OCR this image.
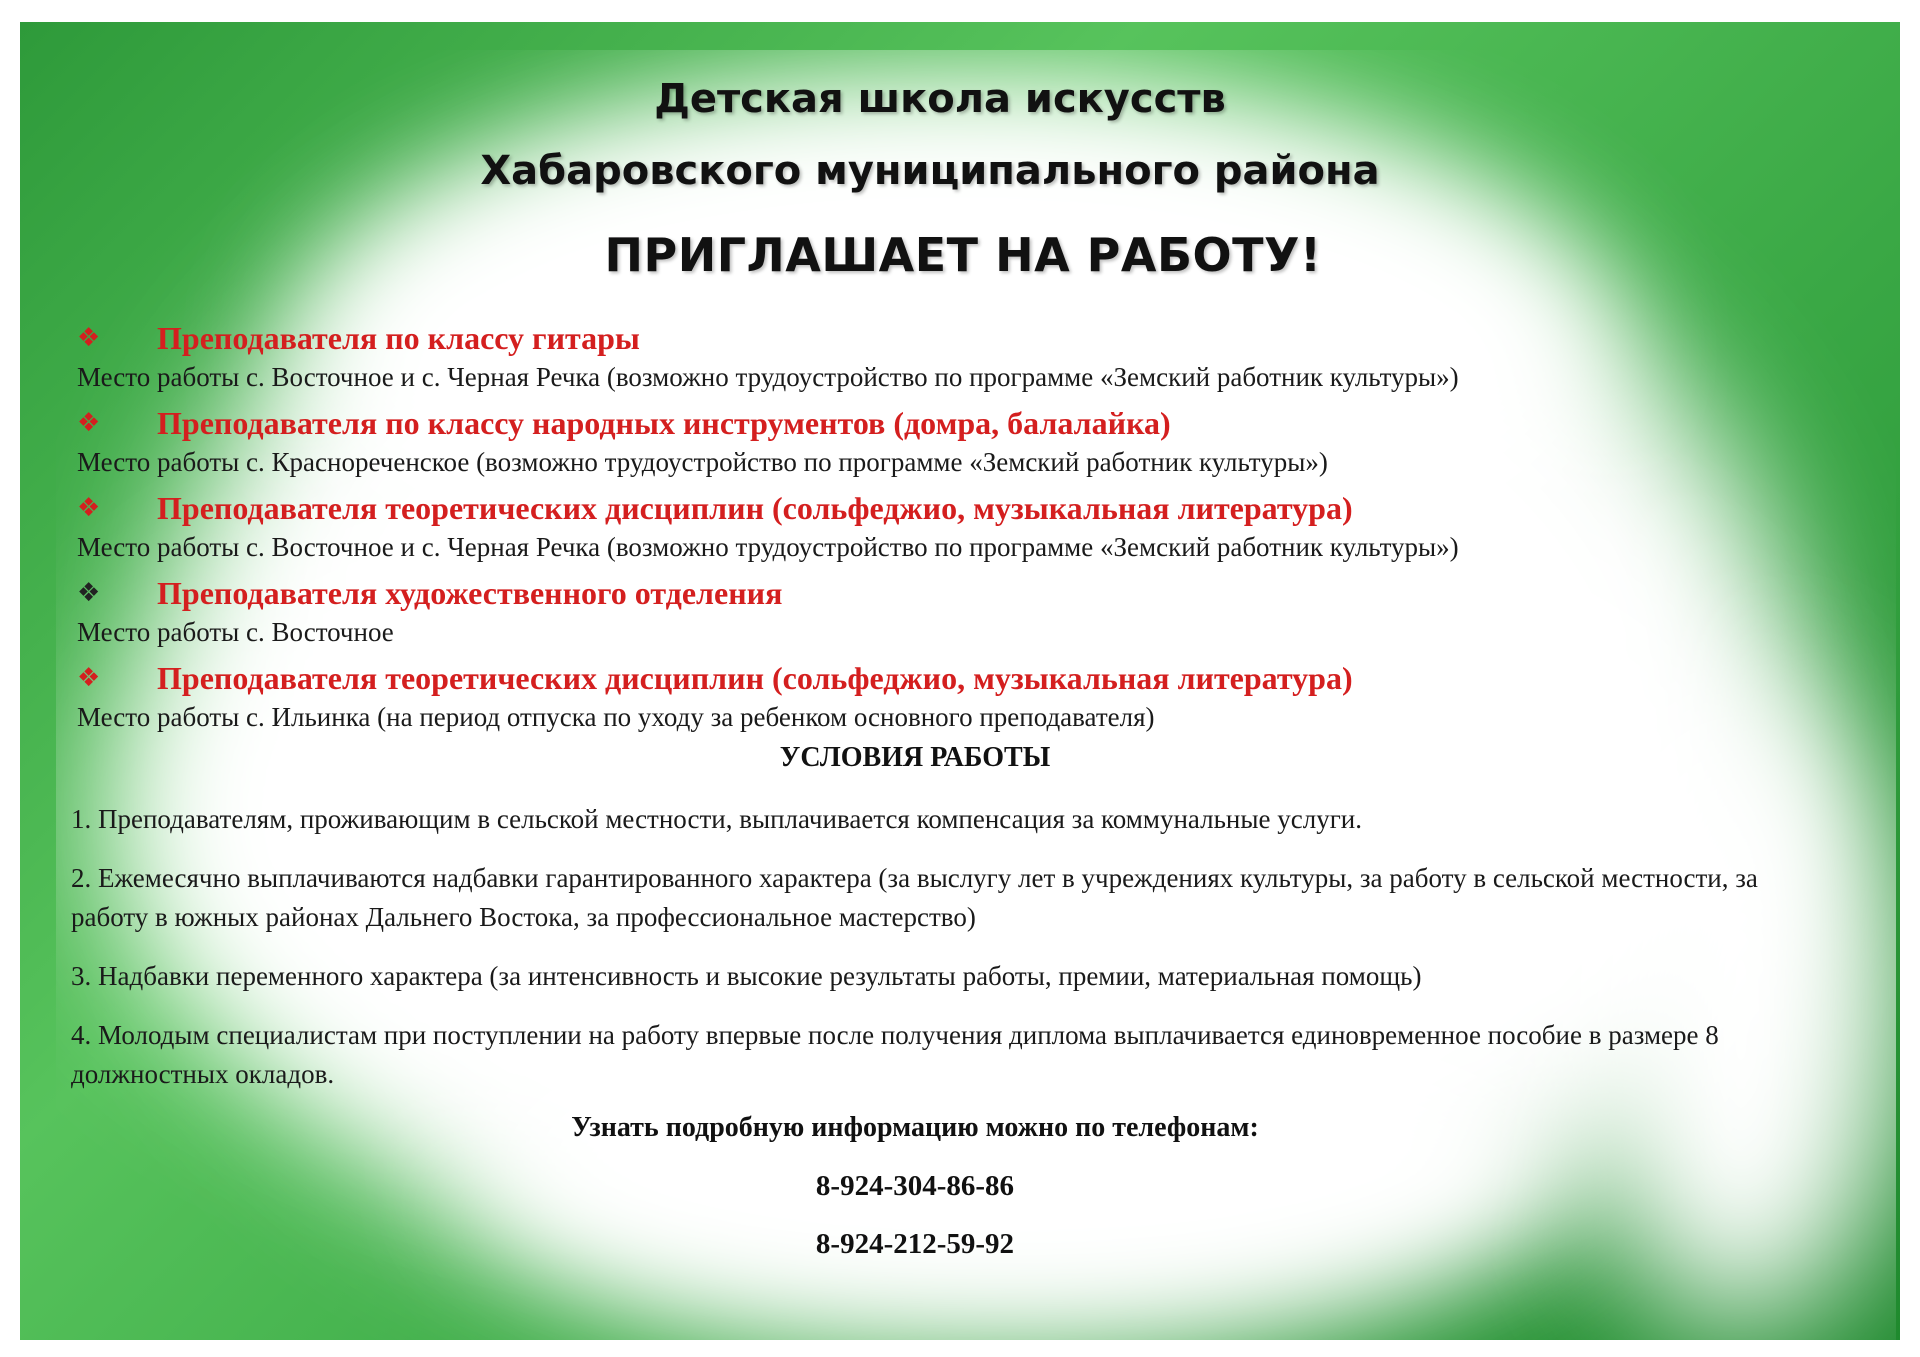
Детская школа искусств
Хабаровского муниципального района
ПРИГЛАШАЕТ НА РАБОТУ!
❖	Преподавателя по классу гитары
Место работы с. Восточное и с. Черная Речка (возможно трудоустройство по программе «Земский работник культуры»)
❖	Преподавателя по классу народных инструментов (домра, балалайка)
Место работы с. Краснореченское (возможно трудоустройство по программе «Земский работник культуры»)
❖	Преподавателя теоретических дисциплин (сольфеджио, музыкальная литература)
Место работы с. Восточное и с. Черная Речка (возможно трудоустройство по программе «Земский работник культуры»)
❖	Преподавателя художественного отделения
Место работы с. Восточное
❖	Преподавателя теоретических дисциплин (сольфеджио, музыкальная литература)
Место работы с. Ильинка (на период отпуска по уходу за ребенком основного преподавателя)
УСЛОВИЯ РАБОТЫ
1. Преподавателям, проживающим в сельской местности, выплачивается компенсация за коммунальные услуги.
2. Ежемесячно выплачиваются надбавки гарантированного характера (за выслугу лет в учреждениях культуры, за работу в сельской местности, за работу в южных районах Дальнего Востока, за профессиональное мастерство)
3. Надбавки переменного характера (за интенсивность и высокие результаты работы, премии, материальная помощь)
4. Молодым специалистам при поступлении на работу впервые после получения диплома выплачивается единовременное пособие в размере 8 должностных окладов.
Узнать подробную информацию можно по телефонам:
8-924-304-86-86
8-924-212-59-92
